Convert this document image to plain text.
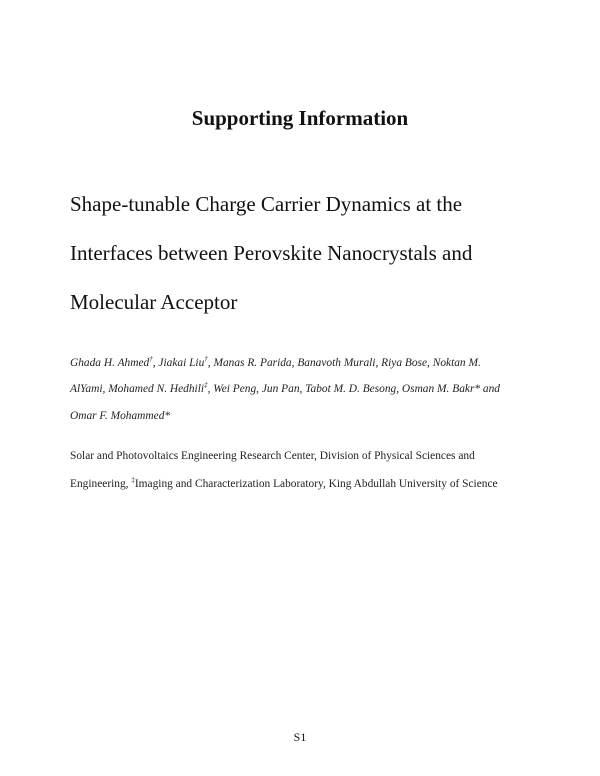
Supporting Information
Shape-tunable Charge Carrier Dynamics at the
Interfaces between Perovskite Nanocrystals and
Molecular Acceptor
Ghada H. Ahmed†, Jiakai Liu†, Manas R. Parida, Banavoth Murali, Riya Bose, Noktan M.
AlYami, Mohamed N. Hedhili‡, Wei Peng, Jun Pan, Tabot M. D. Besong, Osman M. Bakr* and
Omar F. Mohammed*
Solar and Photovoltaics Engineering Research Center, Division of Physical Sciences and
Engineering, ‡Imaging and Characterization Laboratory, King Abdullah University of Science
S1
